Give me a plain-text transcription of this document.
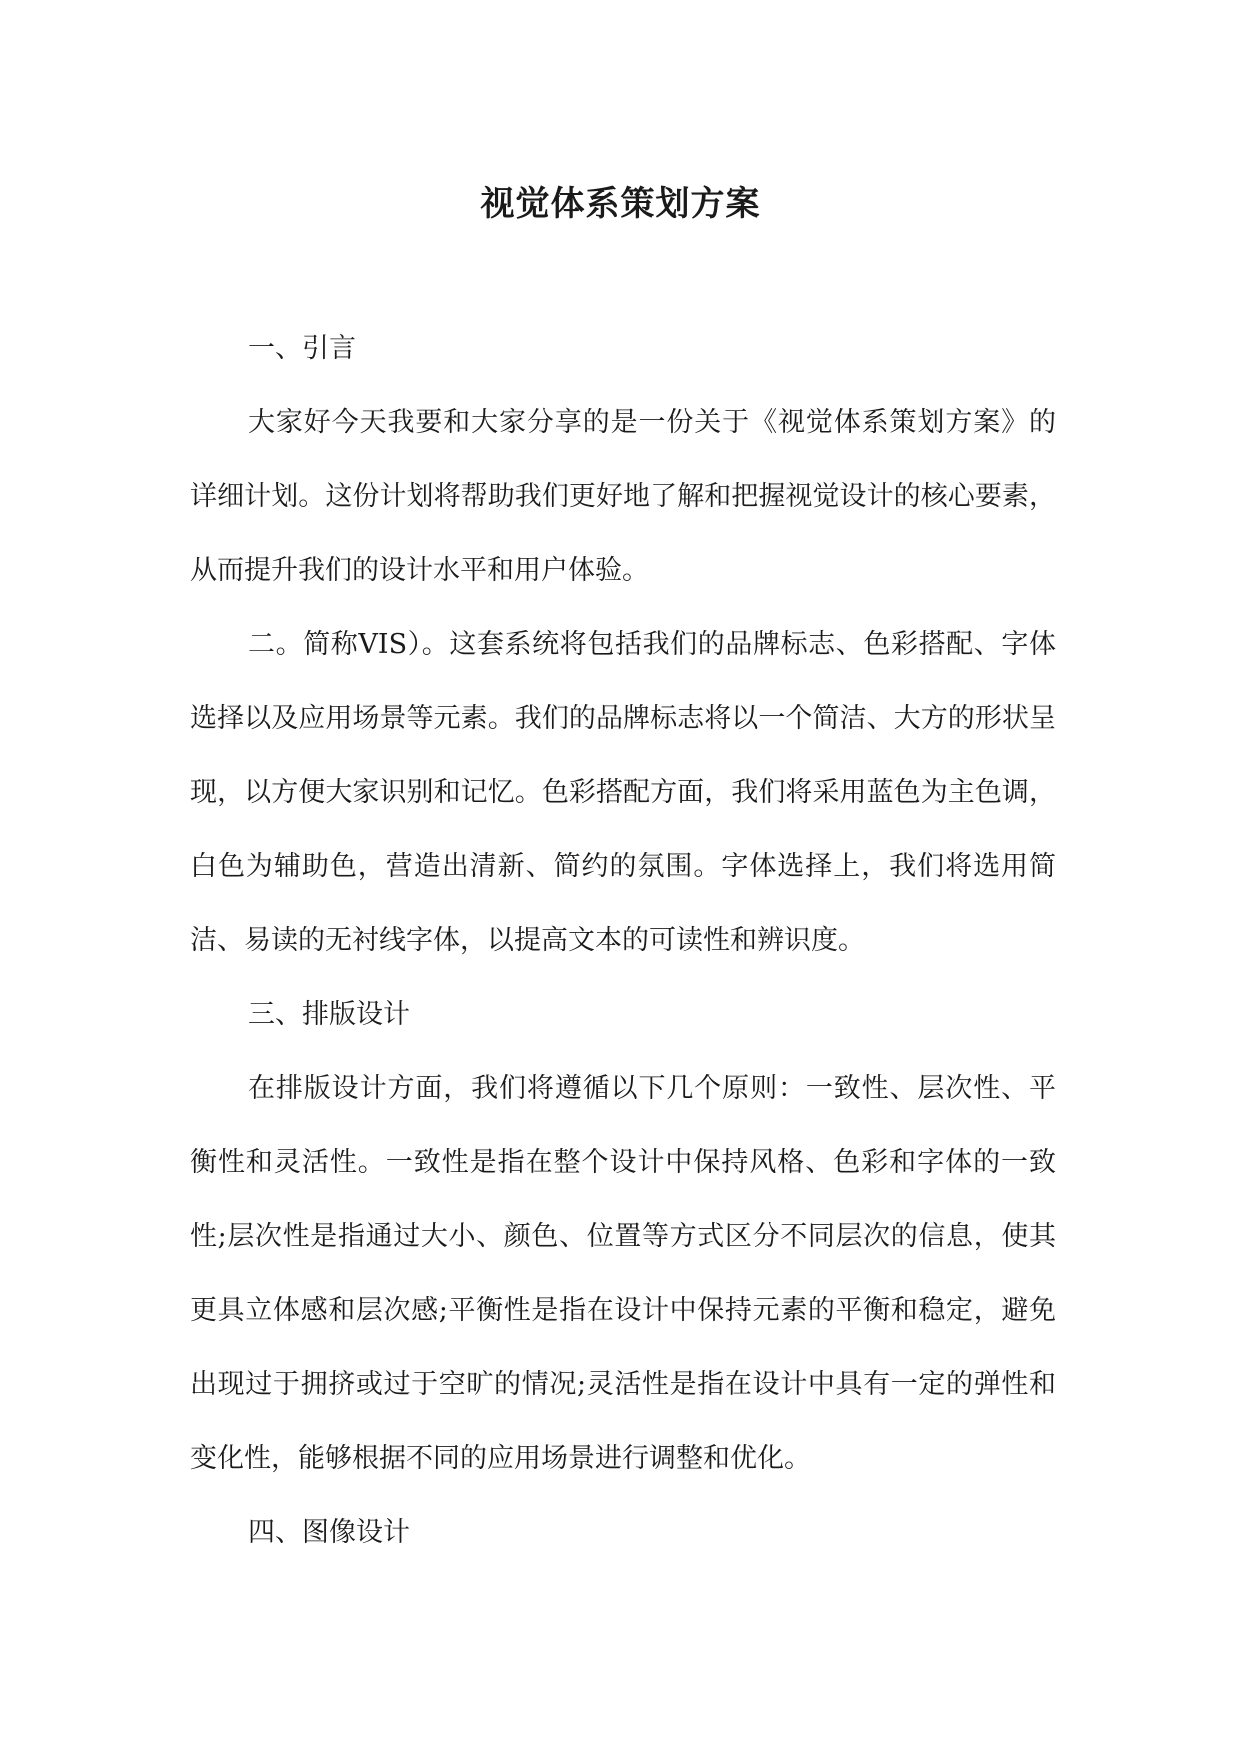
视觉体系策划方案

一、引言

大家好今天我要和大家分享的是一份关于《视觉体系策划方案》的详细计划。这份计划将帮助我们更好地了解和把握视觉设计的核心要素，从而提升我们的设计水平和用户体验。

二。简称VIS）。这套系统将包括我们的品牌标志、色彩搭配、字体选择以及应用场景等元素。我们的品牌标志将以一个简洁、大方的形状呈现，以方便大家识别和记忆。色彩搭配方面，我们将采用蓝色为主色调，白色为辅助色，营造出清新、简约的氛围。字体选择上，我们将选用简洁、易读的无衬线字体，以提高文本的可读性和辨识度。

三、排版设计

在排版设计方面，我们将遵循以下几个原则：一致性、层次性、平衡性和灵活性。一致性是指在整个设计中保持风格、色彩和字体的一致性;层次性是指通过大小、颜色、位置等方式区分不同层次的信息，使其更具立体感和层次感;平衡性是指在设计中保持元素的平衡和稳定，避免出现过于拥挤或过于空旷的情况;灵活性是指在设计中具有一定的弹性和变化性，能够根据不同的应用场景进行调整和优化。

四、图像设计
